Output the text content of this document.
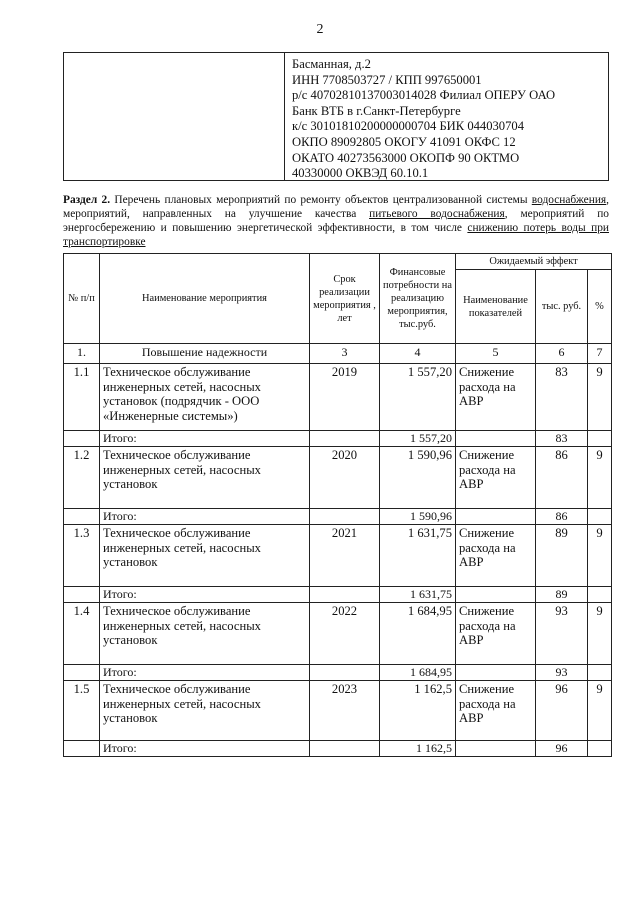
2
Басманная, д.2
ИНН 7708503727 / КПП 997650001
р/с 40702810137003014028 Филиал ОПЕРУ ОАО
Банк ВТБ в г.Санкт-Петербурге
к/с 30101810200000000704 БИК 044030704
ОКПО 89092805 ОКОГУ 41091 ОКФС 12
ОКАТО 40273563000 ОКОПФ 90 ОКТМО
40330000 ОКВЭД 60.10.1
Раздел 2. Перечень плановых мероприятий по ремонту объектов централизованной системы водоснабжения, мероприятий, направленных на улучшение качества питьевого водоснабжения, мероприятий по энергосбережению и повышению энергетической эффективности, в том числе снижению потерь воды при транспортировке
№ п/п	Наименование мероприятия	Срок реализации мероприятия , лет	Финансовые потребности на реализацию мероприятия, тыс.руб.	Ожидаемый эффект		
				Наименование показателей	тыс. руб.	%
1.	Повышение надежности	3	4	5	6	7
1.1	Техническое обслуживание инженерных сетей, насосных установок (подрядчик - ООО «Инженерные системы»)	2019	1 557,20	Снижение расхода на АВР	83	9
	Итого:		1 557,20		83	
1.2	Техническое обслуживание инженерных сетей, насосных установок	2020	1 590,96	Снижение расхода на АВР	86	9
	Итого:		1 590,96		86	
1.3	Техническое обслуживание инженерных сетей, насосных установок	2021	1 631,75	Снижение расхода на АВР	89	9
	Итого:		1 631,75		89	
1.4	Техническое обслуживание инженерных сетей, насосных установок	2022	1 684,95	Снижение расхода на АВР	93	9
	Итого:		1 684,95		93	
1.5	Техническое обслуживание инженерных сетей, насосных установок	2023	1 162,5	Снижение расхода на АВР	96	9
	Итого:		1 162,5		96	
